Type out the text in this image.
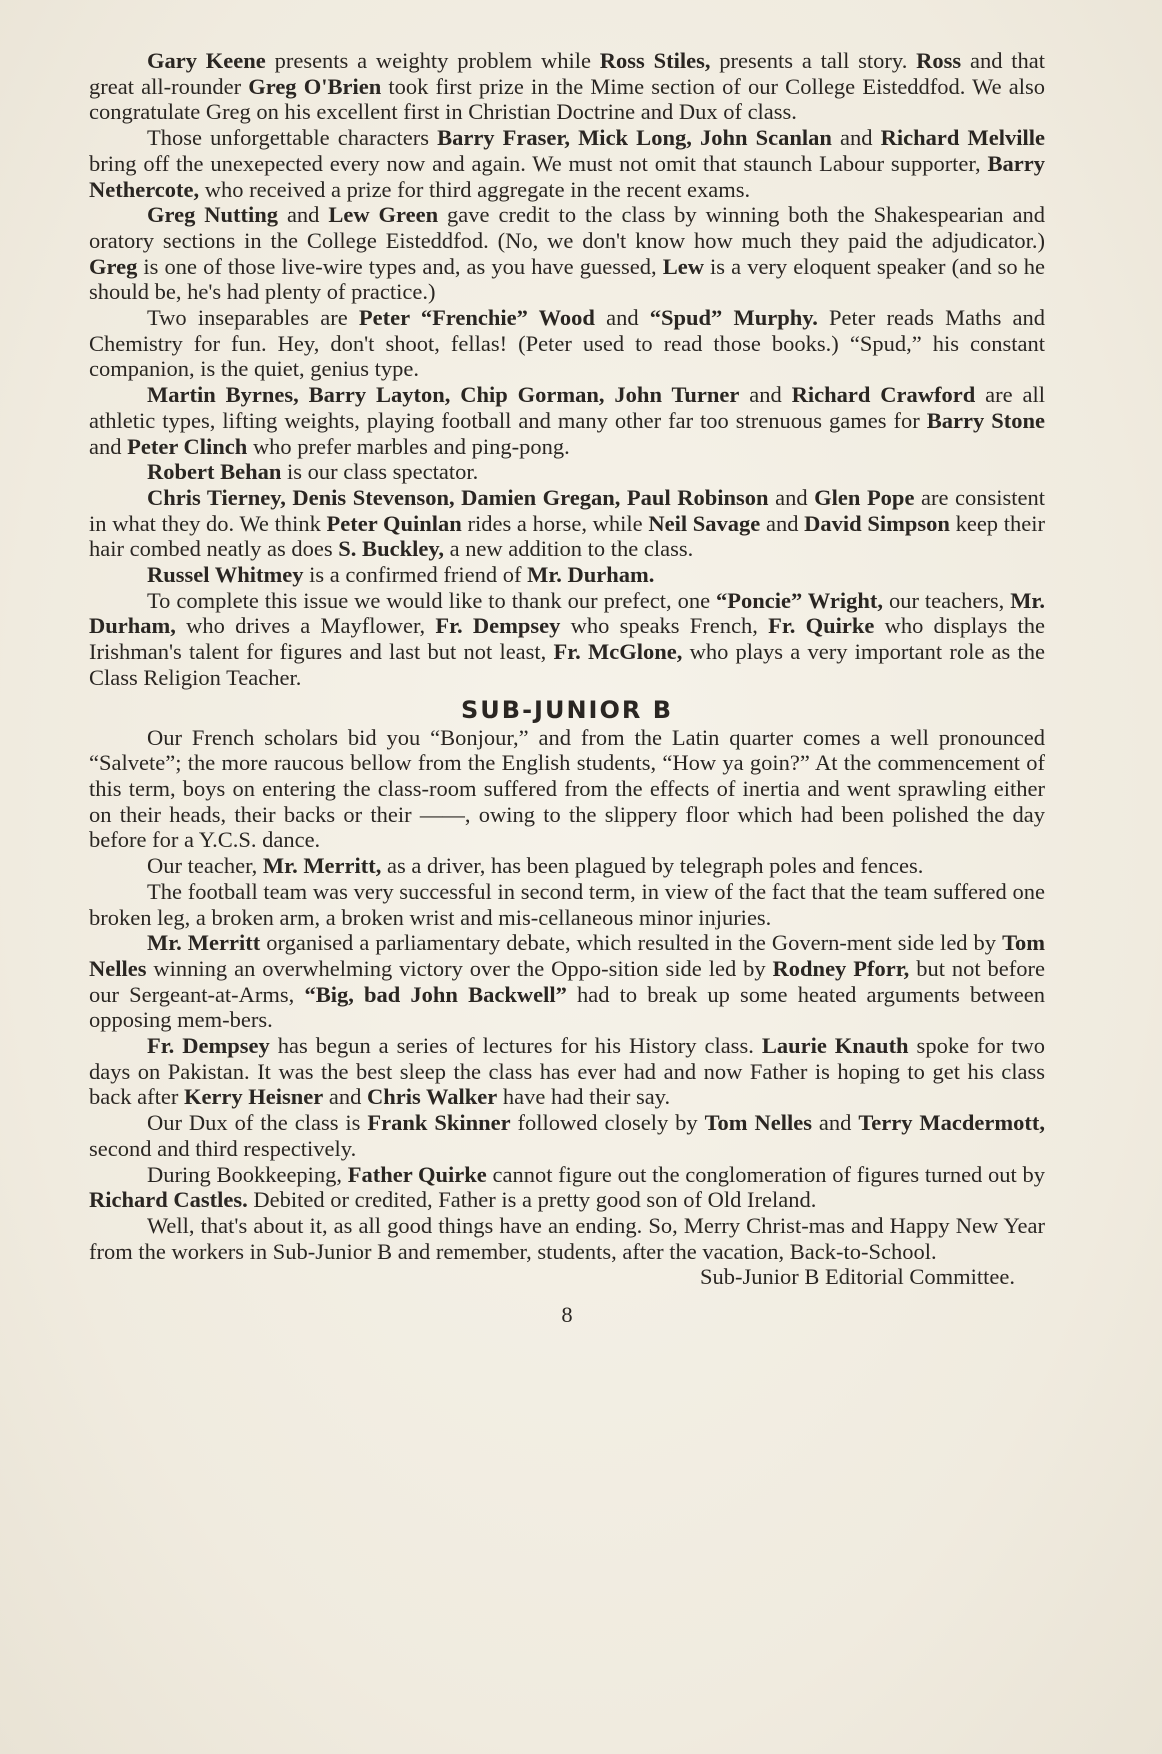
Gary Keene presents a weighty problem while Ross Stiles, presents a tall story. Ross and that great all-rounder Greg O'Brien took first prize in the Mime section of our College Eisteddfod. We also congratulate Greg on his excellent first in Christian Doctrine and Dux of class.

Those unforgettable characters Barry Fraser, Mick Long, John Scanlan and Richard Melville bring off the unexepected every now and again. We must not omit that staunch Labour supporter, Barry Nethercote, who received a prize for third aggregate in the recent exams.

Greg Nutting and Lew Green gave credit to the class by winning both the Shakespearian and oratory sections in the College Eisteddfod. (No, we don't know how much they paid the adjudicator.) Greg is one of those live-wire types and, as you have guessed, Lew is a very eloquent speaker (and so he should be, he's had plenty of practice.)

Two inseparables are Peter “Frenchie” Wood and “Spud” Murphy. Peter reads Maths and Chemistry for fun. Hey, don't shoot, fellas! (Peter used to read those books.) “Spud,” his constant companion, is the quiet, genius type.

Martin Byrnes, Barry Layton, Chip Gorman, John Turner and Richard Crawford are all athletic types, lifting weights, playing football and many other far too strenuous games for Barry Stone and Peter Clinch who prefer marbles and ping-pong.

Robert Behan is our class spectator.

Chris Tierney, Denis Stevenson, Damien Gregan, Paul Robinson and Glen Pope are consistent in what they do. We think Peter Quinlan rides a horse, while Neil Savage and David Simpson keep their hair combed neatly as does S. Buckley, a new addition to the class.

Russel Whitmey is a confirmed friend of Mr. Durham.

To complete this issue we would like to thank our prefect, one “Poncie” Wright, our teachers, Mr. Durham, who drives a Mayflower, Fr. Dempsey who speaks French, Fr. Quirke who displays the Irishman's talent for figures and last but not least, Fr. McGlone, who plays a very important role as the Class Religion Teacher.

SUB-JUNIOR B

Our French scholars bid you “Bonjour,” and from the Latin quarter comes a well pronounced “Salvete”; the more raucous bellow from the English students, “How ya goin?” At the commencement of this term, boys on entering the class-room suffered from the effects of inertia and went sprawling either on their heads, their backs or their ——, owing to the slippery floor which had been polished the day before for a Y.C.S. dance.

Our teacher, Mr. Merritt, as a driver, has been plagued by telegraph poles and fences.

The football team was very successful in second term, in view of the fact that the team suffered one broken leg, a broken arm, a broken wrist and mis-cellaneous minor injuries.

Mr. Merritt organised a parliamentary debate, which resulted in the Govern-ment side led by Tom Nelles winning an overwhelming victory over the Oppo-sition side led by Rodney Pforr, but not before our Sergeant-at-Arms, “Big, bad John Backwell” had to break up some heated arguments between opposing mem-bers.

Fr. Dempsey has begun a series of lectures for his History class. Laurie Knauth spoke for two days on Pakistan. It was the best sleep the class has ever had and now Father is hoping to get his class back after Kerry Heisner and Chris Walker have had their say.

Our Dux of the class is Frank Skinner followed closely by Tom Nelles and Terry Macdermott, second and third respectively.

During Bookkeeping, Father Quirke cannot figure out the conglomeration of figures turned out by Richard Castles. Debited or credited, Father is a pretty good son of Old Ireland.

Well, that's about it, as all good things have an ending. So, Merry Christ-mas and Happy New Year from the workers in Sub-Junior B and remember, students, after the vacation, Back-to-School.

Sub-Junior B Editorial Committee.

8
